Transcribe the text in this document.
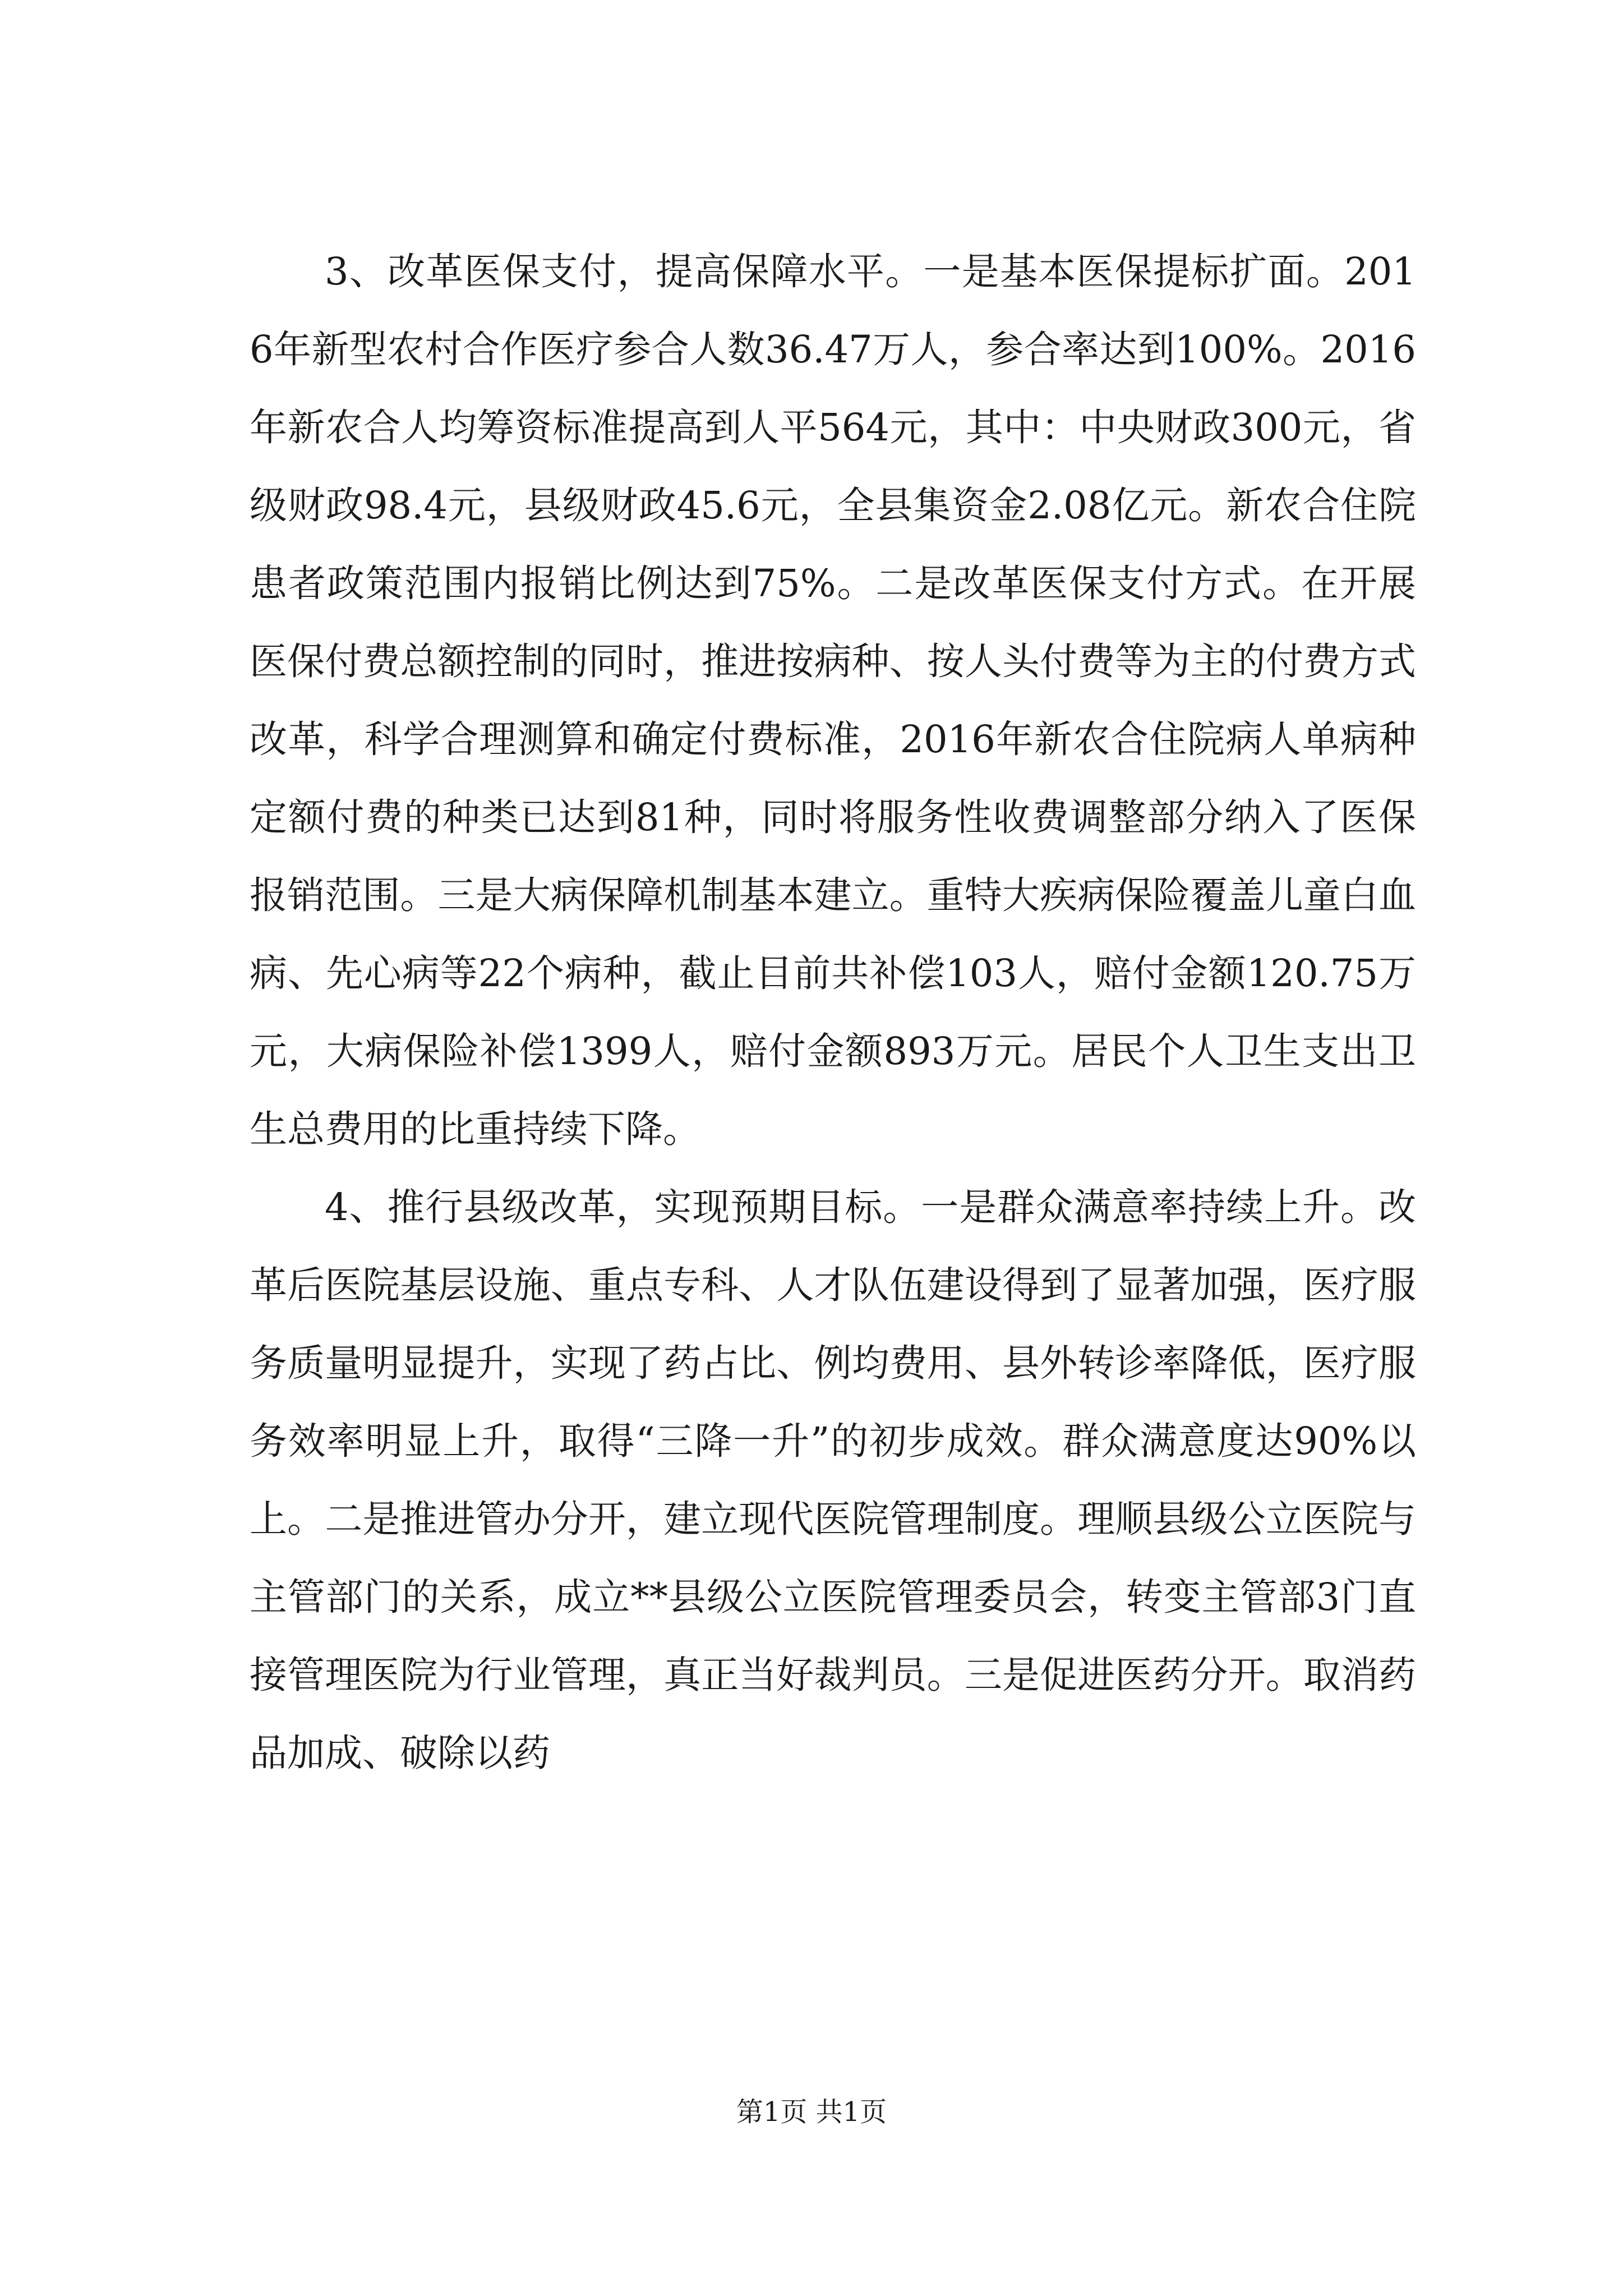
3、改革医保支付，提高保障水平。一是基本医保提标扩面。2016年新型农村合作医疗参合人数36.47万人，参合率达到100%。2016年新农合人均筹资标准提高到人平564元，其中：中央财政300元，省级财政98.4元，县级财政45.6元，全县集资金2.08亿元。新农合住院患者政策范围内报销比例达到75%。二是改革医保支付方式。在开展医保付费总额控制的同时，推进按病种、按人头付费等为主的付费方式改革，科学合理测算和确定付费标准，2016年新农合住院病人单病种定额付费的种类已达到81种，同时将服务性收费调整部分纳入了医保报销范围。三是大病保障机制基本建立。重特大疾病保险覆盖儿童白血病、先心病等22个病种，截止目前共补偿103人，赔付金额120.75万元，大病保险补偿1399人，赔付金额893万元。居民个人卫生支出卫生总费用的比重持续下降。

4、推行县级改革，实现预期目标。一是群众满意率持续上升。改革后医院基层设施、重点专科、人才队伍建设得到了显著加强，医疗服务质量明显提升，实现了药占比、例均费用、县外转诊率降低，医疗服务效率明显上升，取得“三降一升”的初步成效。群众满意度达90%以上。二是推进管办分开，建立现代医院管理制度。理顺县级公立医院与主管部门的关系，成立**县级公立医院管理委员会，转变主管部3门直接管理医院为行业管理，真正当好裁判员。三是促进医药分开。取消药品加成、破除以药

第1页 共1页
